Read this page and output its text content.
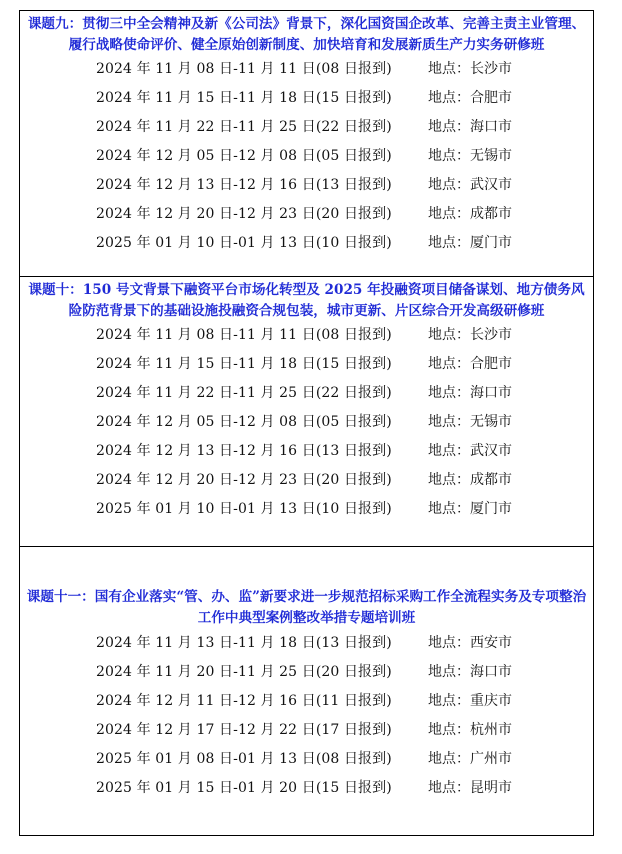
课题九：贯彻三中全会精神及新《公司法》背景下，深化国资国企改革、完善主责主业管理、履行战略使命评价、健全原始创新制度、加快培育和发展新质生产力实务研修班
2024 年 11 月 08 日-11 月 11 日(08 日报到)	地点：长沙市
2024 年 11 月 15 日-11 月 18 日(15 日报到)	地点：合肥市
2024 年 11 月 22 日-11 月 25 日(22 日报到)	地点：海口市
2024 年 12 月 05 日-12 月 08 日(05 日报到)	地点：无锡市
2024 年 12 月 13 日-12 月 16 日(13 日报到)	地点：武汉市
2024 年 12 月 20 日-12 月 23 日(20 日报到)	地点：成都市
2025 年 01 月 10 日-01 月 13 日(10 日报到)	地点：厦门市
课题十：150 号文背景下融资平台市场化转型及 2025 年投融资项目储备谋划、地方债务风险防范背景下的基础设施投融资合规包装，城市更新、片区综合开发高级研修班
2024 年 11 月 08 日-11 月 11 日(08 日报到)	地点：长沙市
2024 年 11 月 15 日-11 月 18 日(15 日报到)	地点：合肥市
2024 年 11 月 22 日-11 月 25 日(22 日报到)	地点：海口市
2024 年 12 月 05 日-12 月 08 日(05 日报到)	地点：无锡市
2024 年 12 月 13 日-12 月 16 日(13 日报到)	地点：武汉市
2024 年 12 月 20 日-12 月 23 日(20 日报到)	地点：成都市
2025 年 01 月 10 日-01 月 13 日(10 日报到)	地点：厦门市
课题十一：国有企业落实“管、办、监”新要求进一步规范招标采购工作全流程实务及专项整治工作中典型案例整改举措专题培训班
2024 年 11 月 13 日-11 月 18 日(13 日报到)	地点：西安市
2024 年 11 月 20 日-11 月 25 日(20 日报到)	地点：海口市
2024 年 12 月 11 日-12 月 16 日(11 日报到)	地点：重庆市
2024 年 12 月 17 日-12 月 22 日(17 日报到)	地点：杭州市
2025 年 01 月 08 日-01 月 13 日(08 日报到)	地点：广州市
2025 年 01 月 15 日-01 月 20 日(15 日报到)	地点：昆明市
